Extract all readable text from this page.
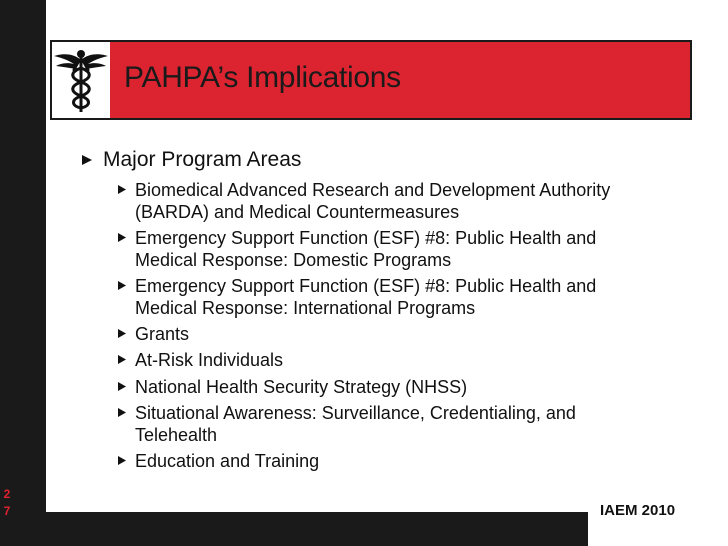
2
7
PAHPA’s Implications
Major Program Areas
Biomedical Advanced Research and Development Authority
(BARDA) and Medical Countermeasures
Emergency Support Function (ESF) #8: Public Health and
Medical Response: Domestic Programs
Emergency Support Function (ESF) #8: Public Health and
Medical Response: International Programs
Grants
At-Risk Individuals
National Health Security Strategy (NHSS)
Situational Awareness: Surveillance, Credentialing, and
Telehealth
Education and Training
IAEM 2010
